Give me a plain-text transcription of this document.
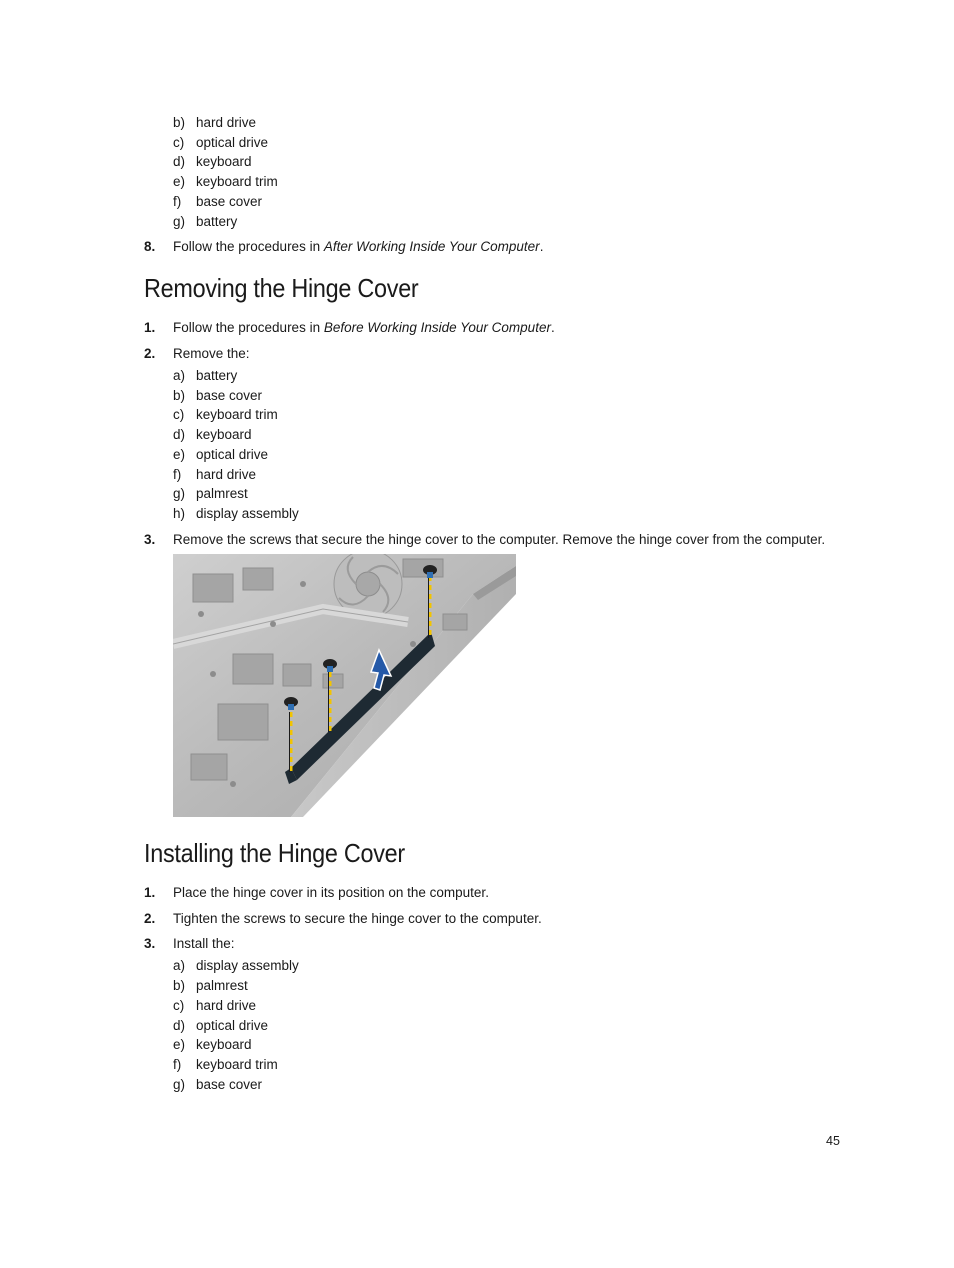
b) hard drive
c) optical drive
d) keyboard
e) keyboard trim
f) base cover
g) battery
8. Follow the procedures in After Working Inside Your Computer.
Removing the Hinge Cover
1. Follow the procedures in Before Working Inside Your Computer.
2. Remove the:
a) battery
b) base cover
c) keyboard trim
d) keyboard
e) optical drive
f) hard drive
g) palmrest
h) display assembly
3. Remove the screws that secure the hinge cover to the computer. Remove the hinge cover from the computer.
Installing the Hinge Cover
1. Place the hinge cover in its position on the computer.
2. Tighten the screws to secure the hinge cover to the computer.
3. Install the:
a) display assembly
b) palmrest
c) hard drive
d) optical drive
e) keyboard
f) keyboard trim
g) base cover
45
